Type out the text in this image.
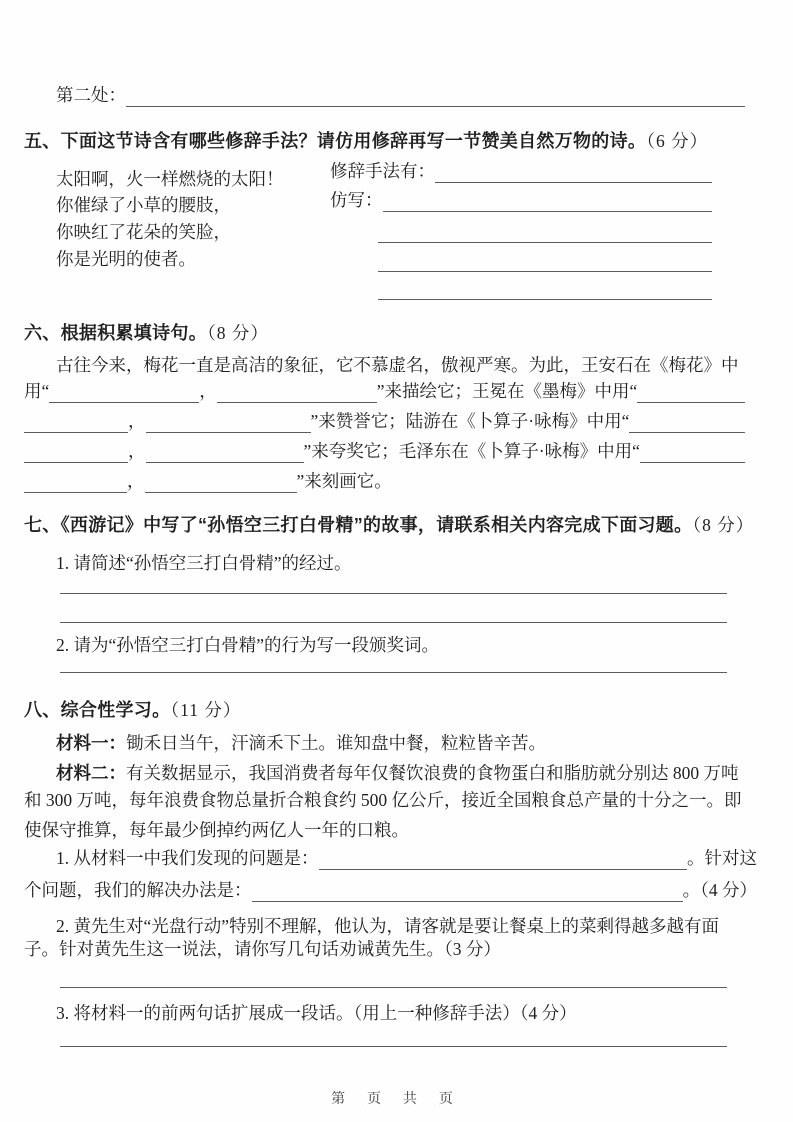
第二处：
五、下面这节诗含有哪些修辞手法？请仿用修辞再写一节赞美自然万物的诗。（6 分）
太阳啊，火一样燃烧的太阳！
你催绿了小草的腰肢，
你映红了花朵的笑脸，
你是光明的使者。
修辞手法有：
仿写：
六、根据积累填诗句。（8 分）
古往今来，梅花一直是高洁的象征，它不慕虚名，傲视严寒。为此，王安石在《梅花》中
用“	，	”来描绘它；王冕在《墨梅》中用“
，	”来赞誉它；陆游在《卜算子·咏梅》中用“
，	”来夸奖它；毛泽东在《卜算子·咏梅》中用“
，	”来刻画它。
七、《西游记》中写了“孙悟空三打白骨精”的故事，请联系相关内容完成下面习题。（8 分）
1. 请简述“孙悟空三打白骨精”的经过。
2. 请为“孙悟空三打白骨精”的行为写一段颁奖词。
八、综合性学习。（11 分）
材料一：锄禾日当午，汗滴禾下土。谁知盘中餐，粒粒皆辛苦。
材料二：有关数据显示，我国消费者每年仅餐饮浪费的食物蛋白和脂肪就分别达 800 万吨
和 300 万吨，每年浪费食物总量折合粮食约 500 亿公斤，接近全国粮食总产量的十分之一。即
使保守推算，每年最少倒掉约两亿人一年的口粮。
1. 从材料一中我们发现的问题是：	。针对这
个问题，我们的解决办法是：	。（4 分）
2. 黄先生对“光盘行动”特别不理解，他认为，请客就是要让餐桌上的菜剩得越多越有面
子。针对黄先生这一说法，请你写几句话劝诫黄先生。（3 分）
3. 将材料一的前两句话扩展成一段话。（用上一种修辞手法）（4 分）
第 页 共 页
